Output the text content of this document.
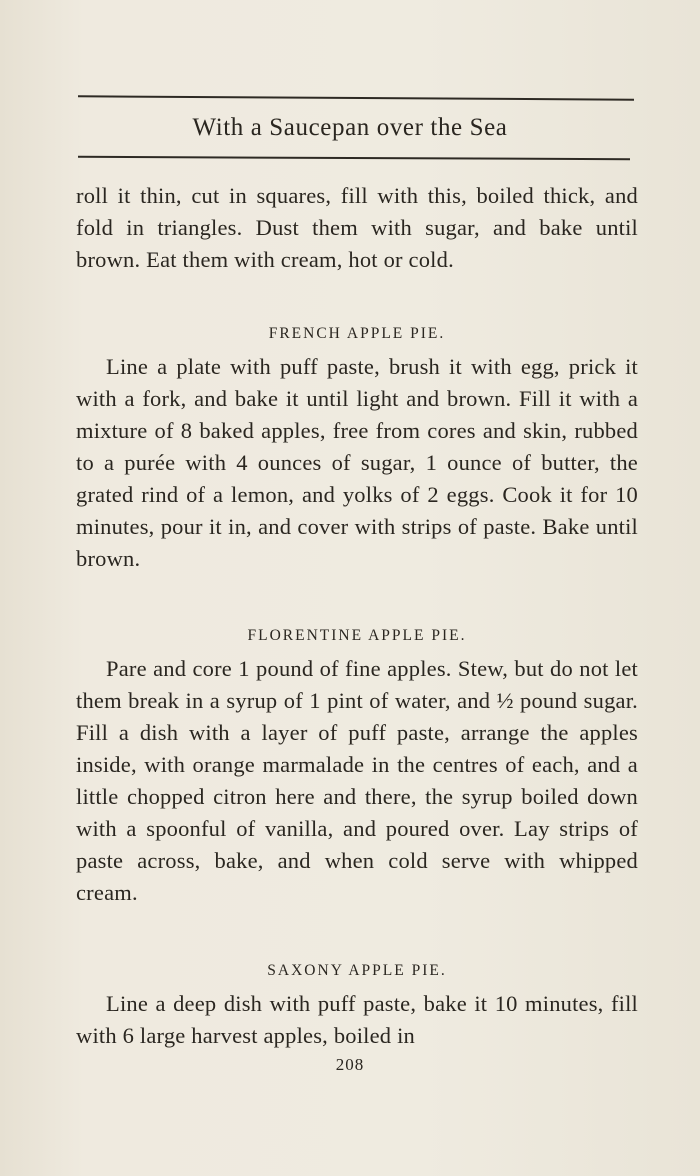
With a Saucepan over the Sea

roll it thin, cut in squares, fill with this, boiled thick, and fold in triangles. Dust them with sugar, and bake until brown. Eat them with cream, hot or cold.

FRENCH APPLE PIE.

Line a plate with puff paste, brush it with egg, prick it with a fork, and bake it until light and brown. Fill it with a mixture of 8 baked apples, free from cores and skin, rubbed to a purée with 4 ounces of sugar, 1 ounce of butter, the grated rind of a lemon, and yolks of 2 eggs. Cook it for 10 minutes, pour it in, and cover with strips of paste. Bake until brown.

FLORENTINE APPLE PIE.

Pare and core 1 pound of fine apples. Stew, but do not let them break in a syrup of 1 pint of water, and ½ pound sugar. Fill a dish with a layer of puff paste, arrange the apples inside, with orange marmalade in the centres of each, and a little chopped citron here and there, the syrup boiled down with a spoonful of vanilla, and poured over. Lay strips of paste across, bake, and when cold serve with whipped cream.

SAXONY APPLE PIE.

Line a deep dish with puff paste, bake it 10 minutes, fill with 6 large harvest apples, boiled in

208
